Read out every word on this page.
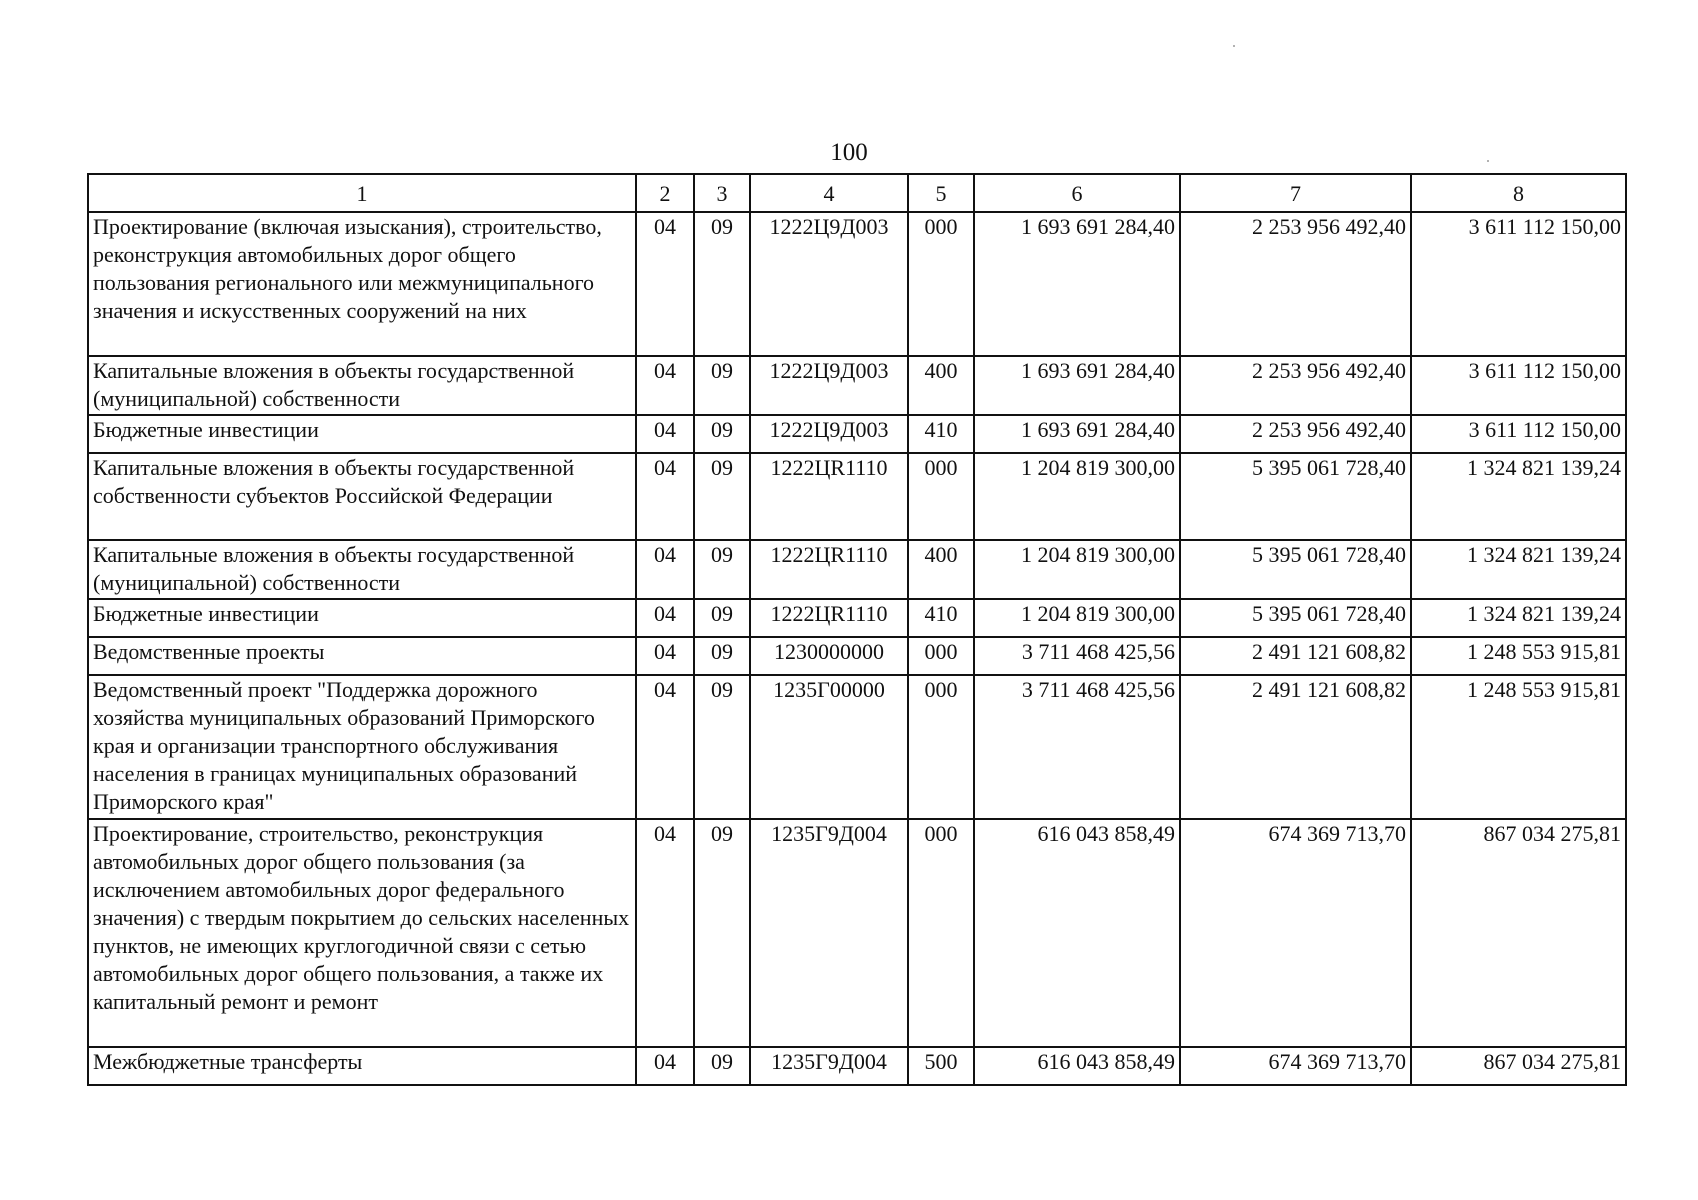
100
1	2	3	4	5	6	7	8
Проектирование (включая изыскания), строительство, реконструкция автомобильных дорог общего пользования регионального или межмуниципального значения и искусственных сооружений на них	04	09	1222Ц9Д003	000	1 693 691 284,40	2 253 956 492,40	3 611 112 150,00
Капитальные вложения в объекты государственной (муниципальной) собственности	04	09	1222Ц9Д003	400	1 693 691 284,40	2 253 956 492,40	3 611 112 150,00
Бюджетные инвестиции	04	09	1222Ц9Д003	410	1 693 691 284,40	2 253 956 492,40	3 611 112 150,00
Капитальные вложения в объекты государственной собственности субъектов Российской Федерации	04	09	1222ЦR1110	000	1 204 819 300,00	5 395 061 728,40	1 324 821 139,24
Капитальные вложения в объекты государственной (муниципальной) собственности	04	09	1222ЦR1110	400	1 204 819 300,00	5 395 061 728,40	1 324 821 139,24
Бюджетные инвестиции	04	09	1222ЦR1110	410	1 204 819 300,00	5 395 061 728,40	1 324 821 139,24
Ведомственные проекты	04	09	1230000000	000	3 711 468 425,56	2 491 121 608,82	1 248 553 915,81
Ведомственный проект "Поддержка дорожного хозяйства муниципальных образований Приморского края и организации транспортного обслуживания населения в границах муниципальных образований Приморского края"	04	09	1235Г00000	000	3 711 468 425,56	2 491 121 608,82	1 248 553 915,81
Проектирование, строительство, реконструкция автомобильных дорог общего пользования (за исключением автомобильных дорог федерального значения) с твердым покрытием до сельских населенных пунктов, не имеющих круглогодичной связи с сетью автомобильных дорог общего пользования, а также их капитальный ремонт и ремонт	04	09	1235Г9Д004	000	616 043 858,49	674 369 713,70	867 034 275,81
Межбюджетные трансферты	04	09	1235Г9Д004	500	616 043 858,49	674 369 713,70	867 034 275,81
